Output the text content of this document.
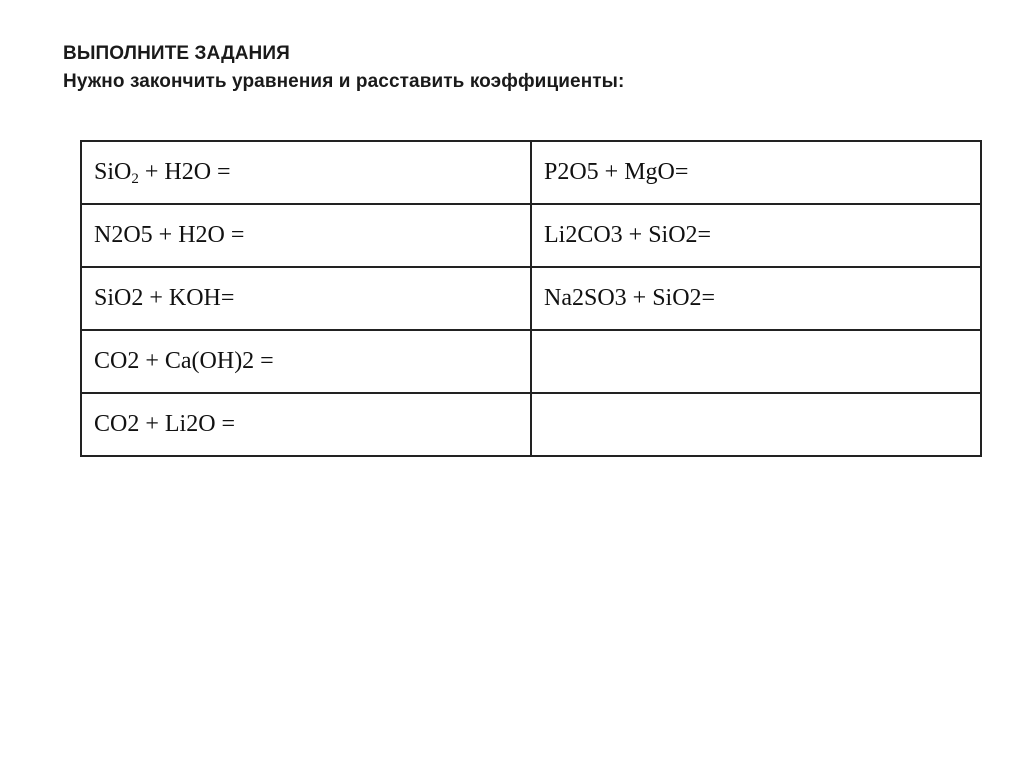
ВЫПОЛНИТЕ ЗАДАНИЯ
Нужно закончить уравнения и расставить коэффициенты:
SiO$_2$ + H2O =	P2O5 + MgO=
N2O5 + H2O =	Li2CO3 + SiO2=
SiO2 + KOH=	Na2SO3 + SiO2=
CO2 + Ca(OH)2 =	
CO2 + Li2O =	
